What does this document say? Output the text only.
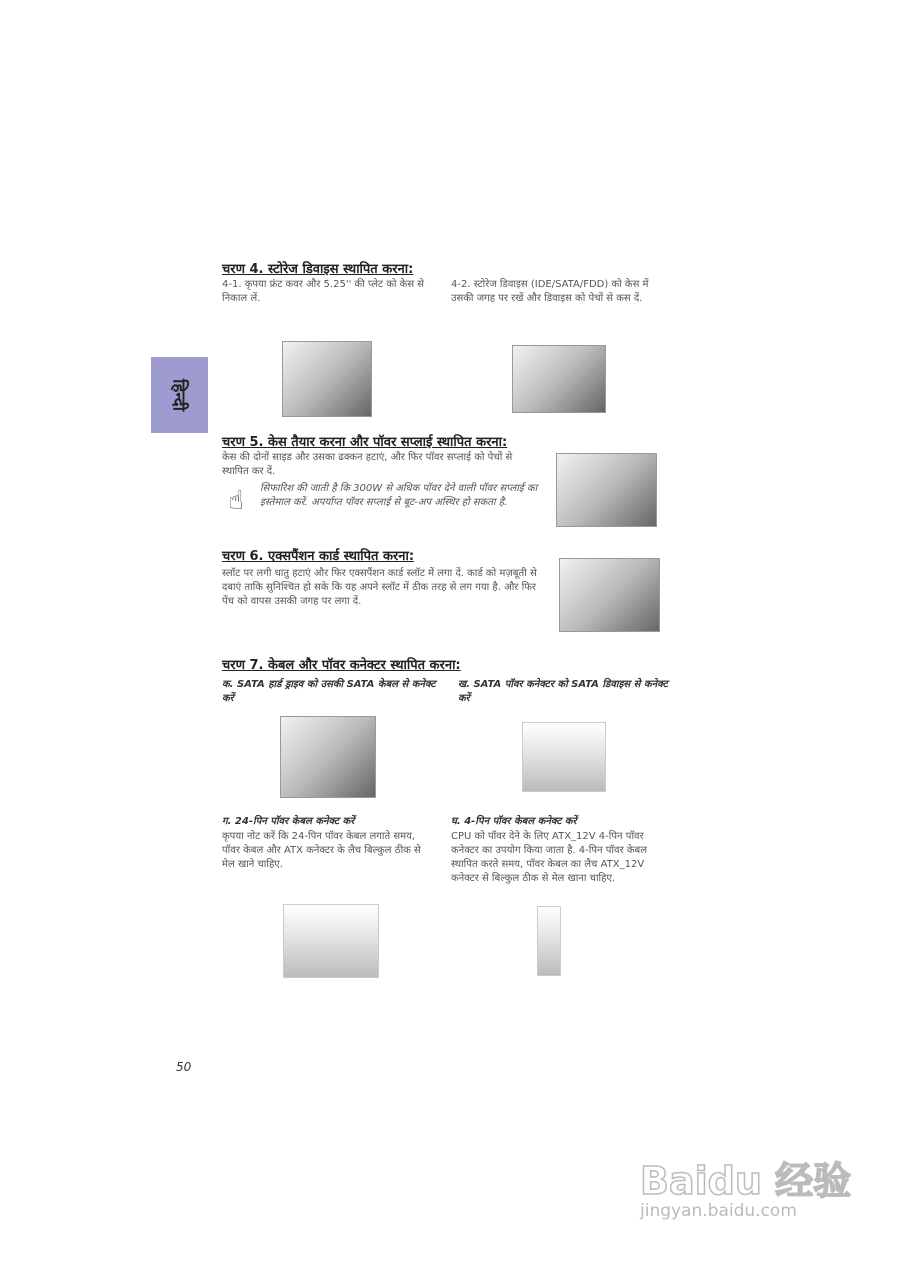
हिन्दी
चरण 4. स्टोरेज डिवाइस स्थापित करना:
4-1. कृपया फ्रंट कवर और 5.25'' की प्लेट को केस से निकाल लें.
4-2. स्टोरेज डिवाइस (IDE/SATA/FDD) को केस में उसकी जगह पर रखें और डिवाइस को पेचों से कस दें.
चरण 5. केस तैयार करना और पॉवर सप्लाई स्थापित करना:
केस की दोनों साइड और उसका ढक्कन हटाएं, और फिर पॉवर सप्लाई को पेचों से स्थापित कर दें.
☝ सिफारिश की जाती है कि 300W से अधिक पॉवर देने वाली पॉवर सप्लाई का इस्तेमाल करें. अपर्याप्त पॉवर सप्लाई से बूट-अप अस्थिर हो सकता है.
चरण 6. एक्सपैंशन कार्ड स्थापित करना:
स्लॉट पर लगी धातु हटाएं और फिर एक्सपैंशन कार्ड स्लॉट में लगा दें. कार्ड को मज़बूती से दबाएं ताकि सुनिश्चित हो सके कि यह अपने स्लॉट में ठीक तरह से लग गया है. और फिर पेंच को वापस उसकी जगह पर लगा दें.
चरण 7. केबल और पॉवर कनेक्टर स्थापित करना:
क. SATA हार्ड ड्राइव को उसकी SATA केबल से कनेक्ट करें
ख. SATA पॉवर कनेक्टर को SATA डिवाइस से कनेक्ट करें
ग. 24-पिन पॉवर केबल कनेक्ट करें
कृपया नोट करें कि 24-पिन पॉवर केबल लगाते समय, पॉवर केबल और ATX कनेक्टर के लैच बिल्कुल ठीक से मेल खाने चाहिए.
घ. 4-पिन पॉवर केबल कनेक्ट करें
CPU को पॉवर देने के लिए ATX_12V 4-पिन पॉवर कनेक्टर का उपयोग किया जाता है. 4-पिन पॉवर केबल स्थापित करते समय, पॉवर केबल का लैच ATX_12V कनेक्टर से बिल्कुल ठीक से मेल खाना चाहिए.
50
Baidu 经验
jingyan.baidu.com
